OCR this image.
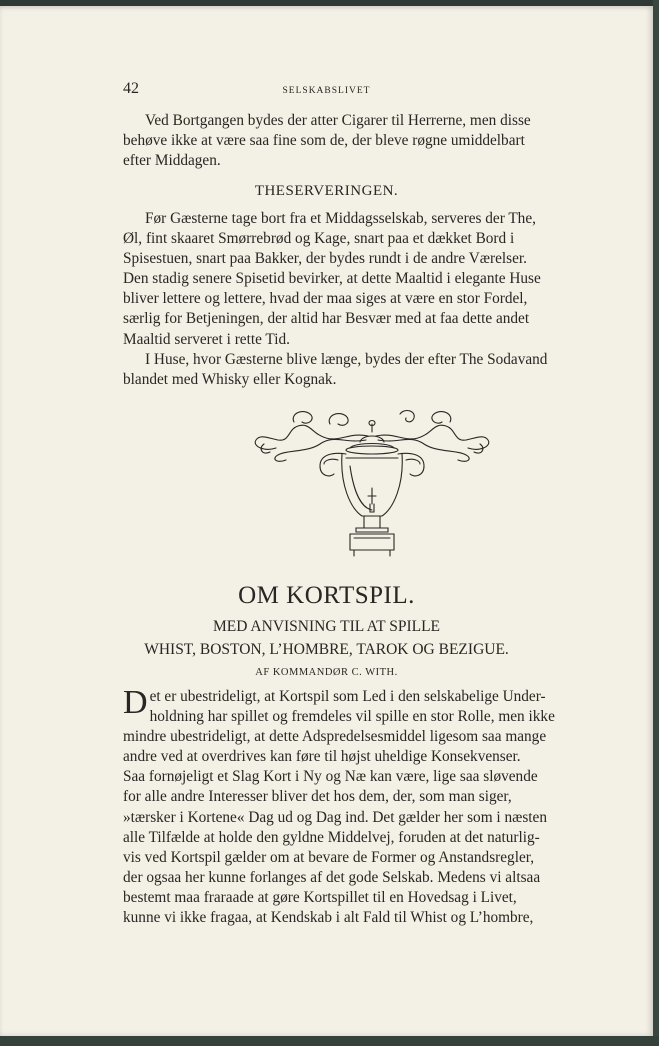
42	SELSKABSLIVET

Ved Bortgangen bydes der atter Cigarer til Herrerne, men disse

behøve ikke at være saa fine som de, der bleve røgne umiddelbart

efter Middagen.

THESERVERINGEN.

Før Gæsterne tage bort fra et Middagsselskab, serveres der The,

Øl, fint skaaret Smørrebrød og Kage, snart paa et dækket Bord i

Spisestuen, snart paa Bakker, der bydes rundt i de andre Værelser.

Den stadig senere Spisetid bevirker, at dette Maaltid i elegante Huse

bliver lettere og lettere, hvad der maa siges at være en stor Fordel,

særlig for Betjeningen, der altid har Besvær med at faa dette andet

Maaltid serveret i rette Tid.

I Huse, hvor Gæsterne blive længe, bydes der efter The Sodavand

blandet med Whisky eller Kognak.

OM KORTSPIL.
MED ANVISNING TIL AT SPILLE
WHIST, BOSTON, L’HOMBRE, TAROK OG BEZIGUE.
AF KOMMANDØR C. WITH.

Det er ubestrideligt, at Kortspil som Led i den selskabelige Under-

holdning har spillet og fremdeles vil spille en stor Rolle, men ikke

mindre ubestrideligt, at dette Adspredelsesmiddel ligesom saa mange

andre ved at overdrives kan føre til højst uheldige Konsekvenser.

Saa fornøjeligt et Slag Kort i Ny og Næ kan være, lige saa sløvende

for alle andre Interesser bliver det hos dem, der, som man siger,

»tærsker i Kortene« Dag ud og Dag ind. Det gælder her som i næsten

alle Tilfælde at holde den gyldne Middelvej, foruden at det naturlig-

vis ved Kortspil gælder om at bevare de Former og Anstandsregler,

der ogsaa her kunne forlanges af det gode Selskab. Medens vi altsaa

bestemt maa fraraade at gøre Kortspillet til en Hovedsag i Livet,

kunne vi ikke fragaa, at Kendskab i alt Fald til Whist og L’hombre,
